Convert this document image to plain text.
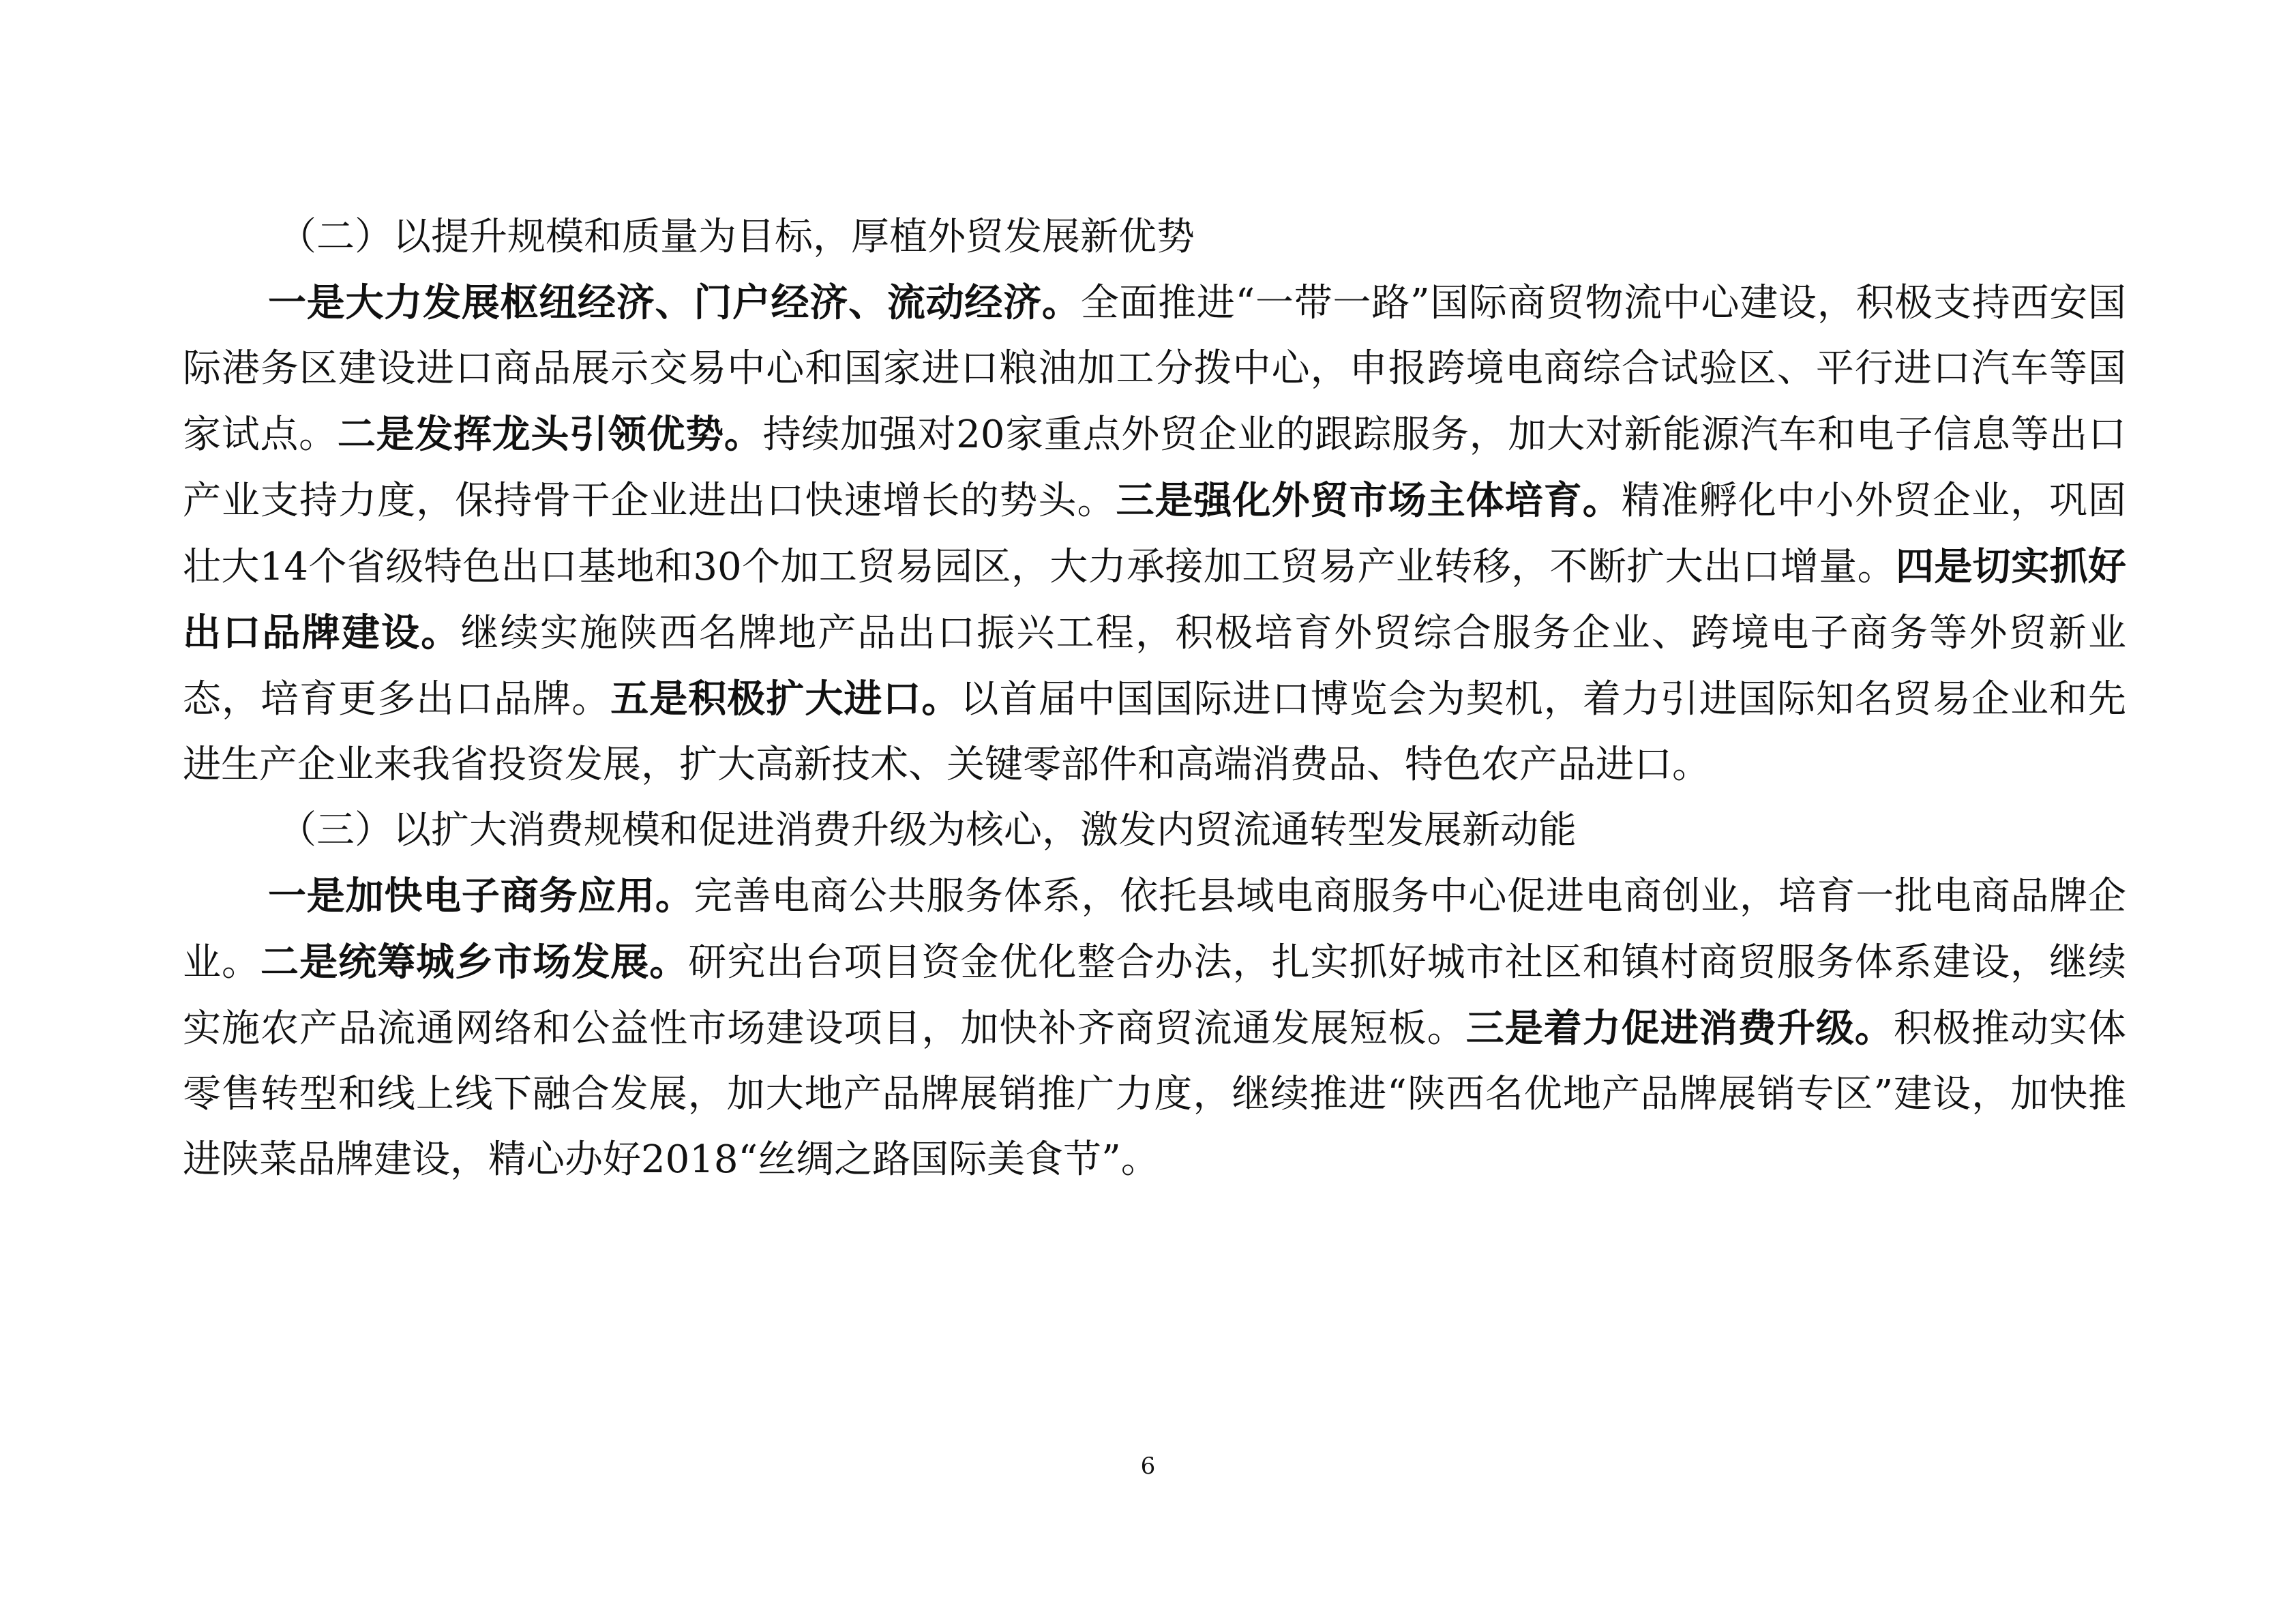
（二）以提升规模和质量为目标，厚植外贸发展新优势

一是大力发展枢纽经济、门户经济、流动经济。全面推进“一带一路”国际商贸物流中心建设，积极支持西安国际港务区建设进口商品展示交易中心和国家进口粮油加工分拨中心，申报跨境电商综合试验区、平行进口汽车等国家试点。二是发挥龙头引领优势。持续加强对20家重点外贸企业的跟踪服务，加大对新能源汽车和电子信息等出口产业支持力度，保持骨干企业进出口快速增长的势头。三是强化外贸市场主体培育。精准孵化中小外贸企业，巩固壮大14个省级特色出口基地和30个加工贸易园区，大力承接加工贸易产业转移，不断扩大出口增量。四是切实抓好出口品牌建设。继续实施陕西名牌地产品出口振兴工程，积极培育外贸综合服务企业、跨境电子商务等外贸新业态，培育更多出口品牌。五是积极扩大进口。以首届中国国际进口博览会为契机，着力引进国际知名贸易企业和先进生产企业来我省投资发展，扩大高新技术、关键零部件和高端消费品、特色农产品进口。

（三）以扩大消费规模和促进消费升级为核心，激发内贸流通转型发展新动能

一是加快电子商务应用。完善电商公共服务体系，依托县域电商服务中心促进电商创业，培育一批电商品牌企业。二是统筹城乡市场发展。研究出台项目资金优化整合办法，扎实抓好城市社区和镇村商贸服务体系建设，继续实施农产品流通网络和公益性市场建设项目，加快补齐商贸流通发展短板。三是着力促进消费升级。积极推动实体零售转型和线上线下融合发展，加大地产品牌展销推广力度，继续推进“陕西名优地产品牌展销专区”建设，加快推进陕菜品牌建设，精心办好2018“丝绸之路国际美食节”。

6
